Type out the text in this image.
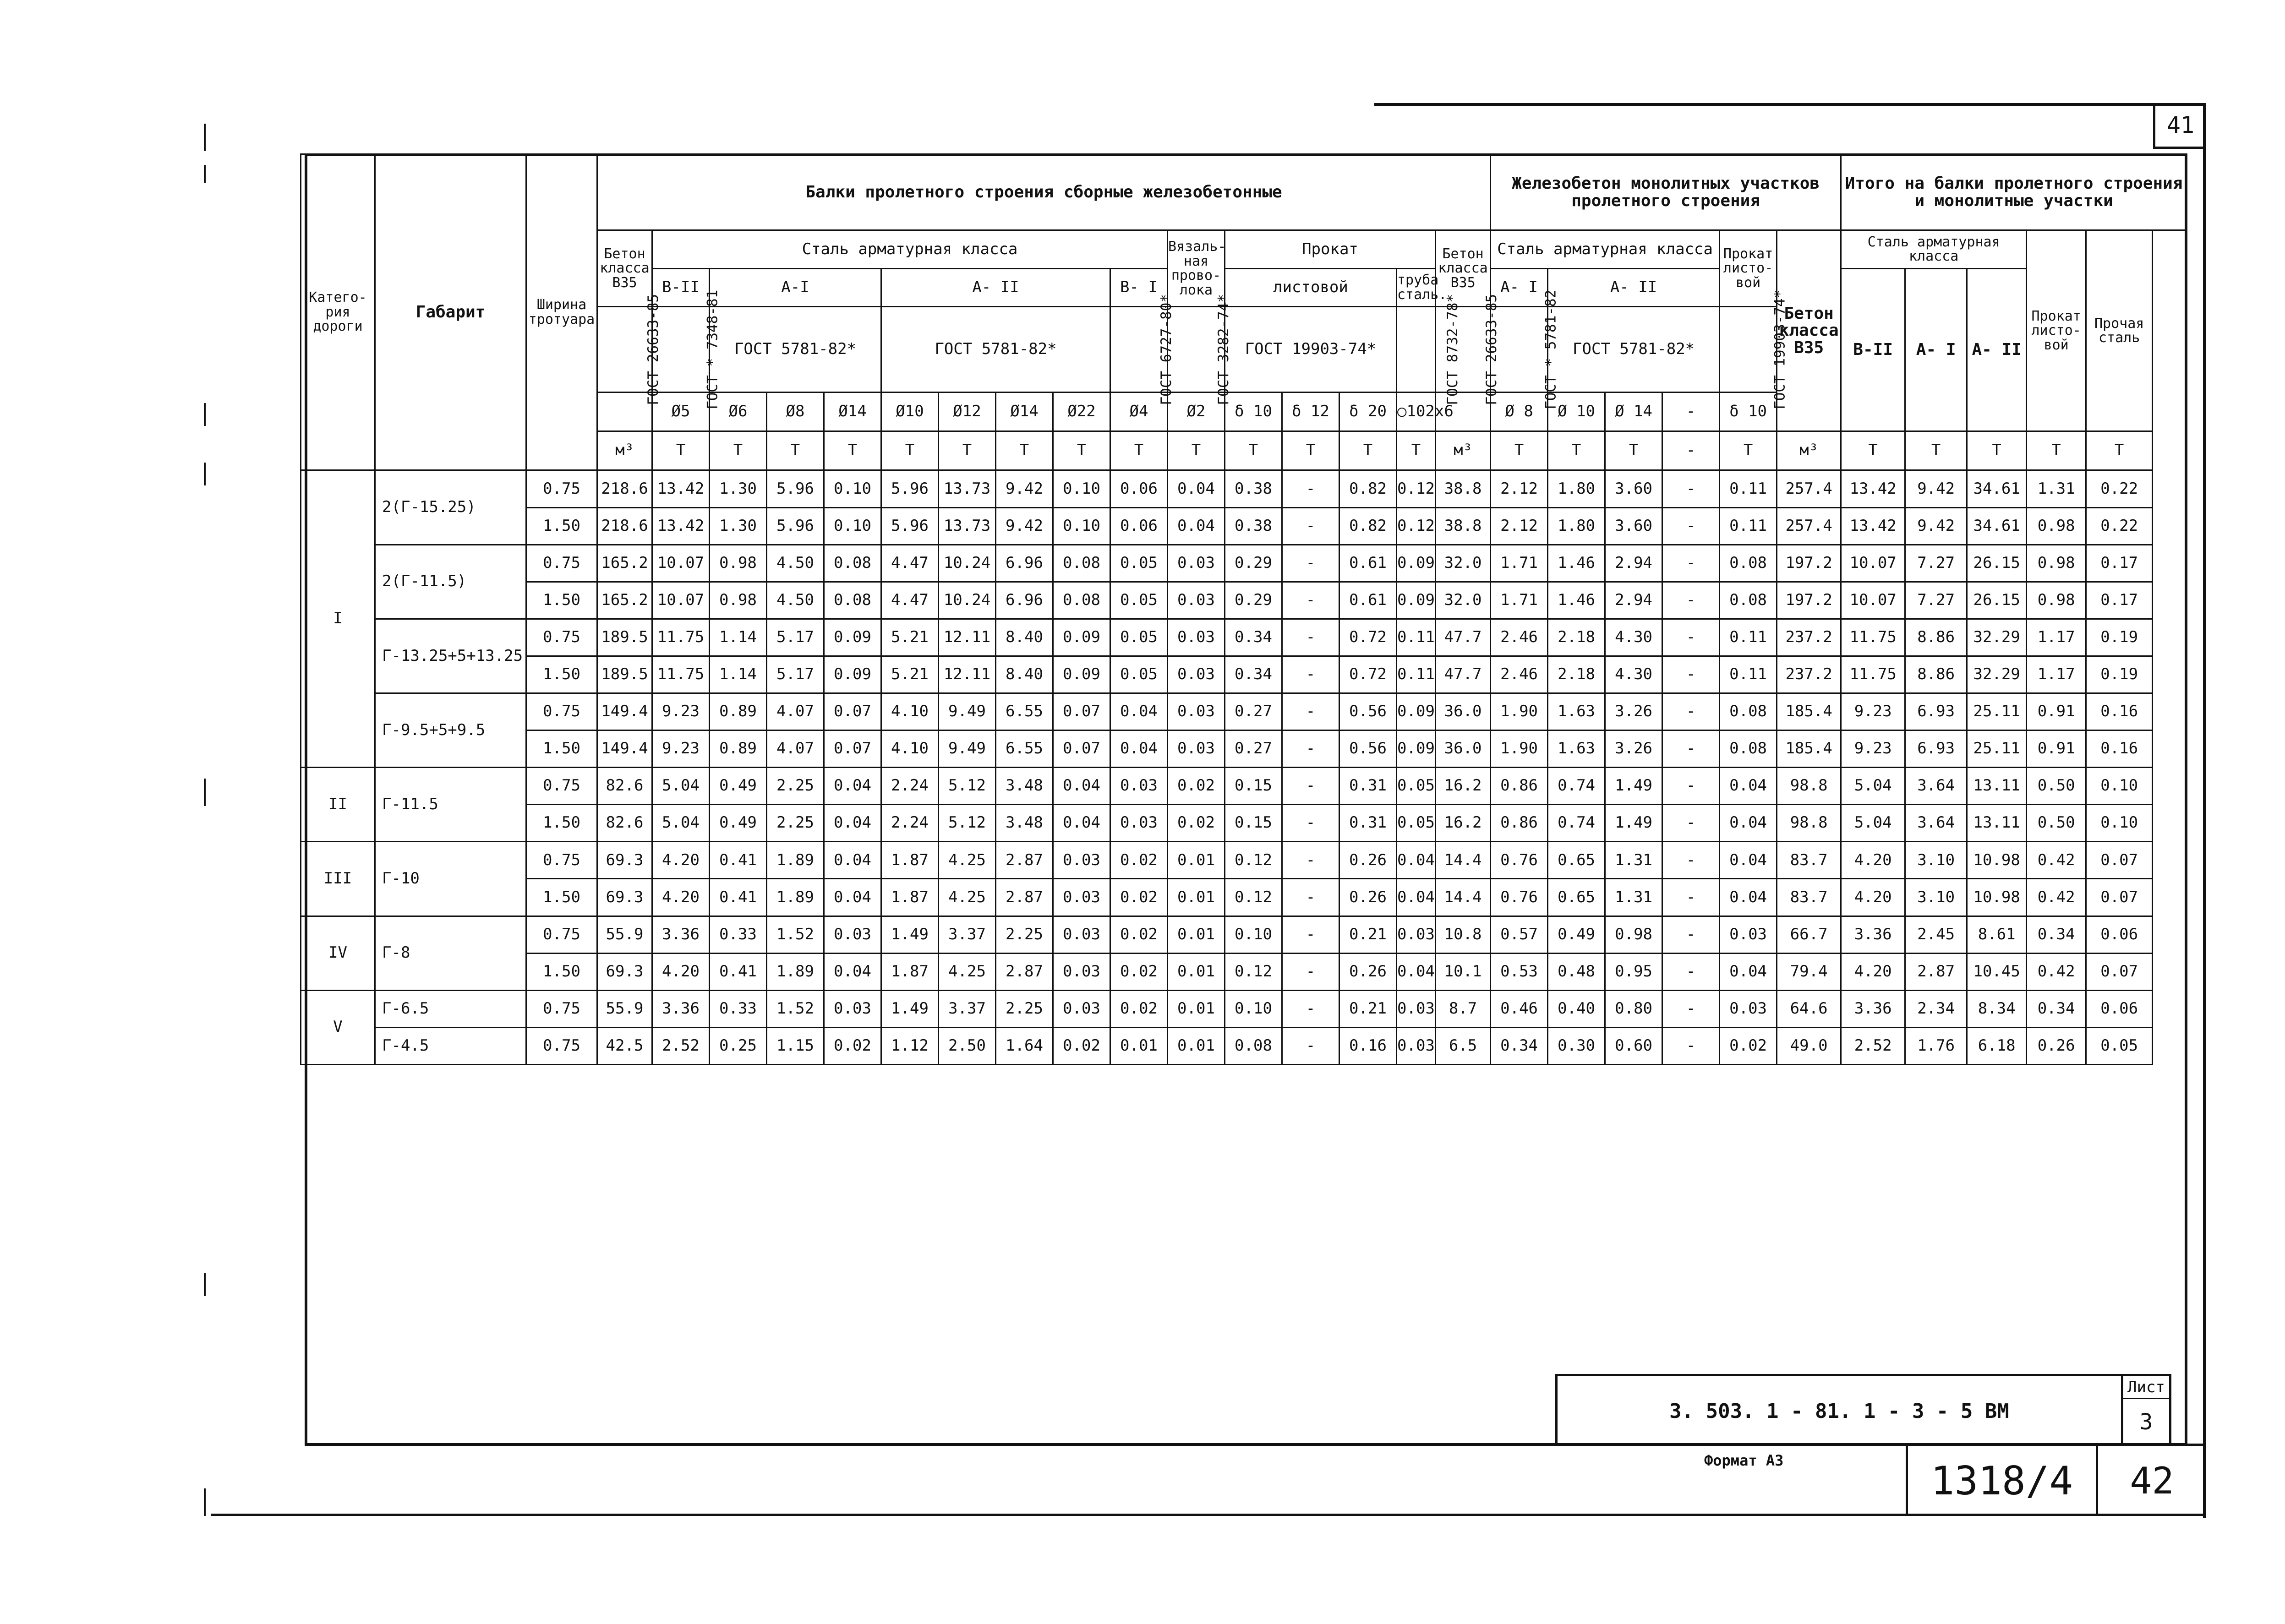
41
Катего-рия дороги	Габарит	Ширина тротуара	Балки пролетного строения сборные железобетонные																Железобетон монолитных участков пролетного строения						Итого на балки пролетного строения и монолитные участки				
			Бетон класса В35	Сталь арматурная класса									Вязаль-ная прово-лока	Прокат				Бетон класса В35	Сталь арматурная класса				Прокат листо-вой	Бетон класса В35	Сталь арматурная класса			Прокат листо-вой	Прочая сталь
				В-II	А-I			А- II				В- I		листовой			труба сталь.		А- I	А- II					В-II	А- I	А- II		
			ГОСТ 26633-85	ГОСТ * 7348-81	ГОСТ 5781-82*			ГОСТ 5781-82*				ГОСТ 6727-80*	ГОСТ 3282-74*	ГОСТ 19903-74*			ГОСТ 8732-78*	ГОСТ 26633-85	ГОСТ * 5781-82	ГОСТ 5781-82*			ГОСТ 19903-74*						
				Ø5	Ø6	Ø8	Ø14	Ø10	Ø12	Ø14	Ø22	Ø4	Ø2	δ 10	δ 12	δ 20	○102x6		Ø 8	Ø 10	Ø 14	-	δ 10						
			м³	Т	Т	Т	Т	Т	Т	Т	Т	Т	Т	Т	Т	Т	Т	м³	Т	Т	Т	-	Т	м³	Т	Т	Т	Т	Т
I	2(Г-15.25)	0.75	218.6	13.42	1.30	5.96	0.10	5.96	13.73	9.42	0.10	0.06	0.04	0.38	-	0.82	0.12	38.8	2.12	1.80	3.60	-	0.11	257.4	13.42	9.42	34.61	1.31	0.22
		1.50	218.6	13.42	1.30	5.96	0.10	5.96	13.73	9.42	0.10	0.06	0.04	0.38	-	0.82	0.12	38.8	2.12	1.80	3.60	-	0.11	257.4	13.42	9.42	34.61	0.98	0.22
	2(Г-11.5)	0.75	165.2	10.07	0.98	4.50	0.08	4.47	10.24	6.96	0.08	0.05	0.03	0.29	-	0.61	0.09	32.0	1.71	1.46	2.94	-	0.08	197.2	10.07	7.27	26.15	0.98	0.17
		1.50	165.2	10.07	0.98	4.50	0.08	4.47	10.24	6.96	0.08	0.05	0.03	0.29	-	0.61	0.09	32.0	1.71	1.46	2.94	-	0.08	197.2	10.07	7.27	26.15	0.98	0.17
	Г-13.25+5+13.25	0.75	189.5	11.75	1.14	5.17	0.09	5.21	12.11	8.40	0.09	0.05	0.03	0.34	-	0.72	0.11	47.7	2.46	2.18	4.30	-	0.11	237.2	11.75	8.86	32.29	1.17	0.19
		1.50	189.5	11.75	1.14	5.17	0.09	5.21	12.11	8.40	0.09	0.05	0.03	0.34	-	0.72	0.11	47.7	2.46	2.18	4.30	-	0.11	237.2	11.75	8.86	32.29	1.17	0.19
	Г-9.5+5+9.5	0.75	149.4	9.23	0.89	4.07	0.07	4.10	9.49	6.55	0.07	0.04	0.03	0.27	-	0.56	0.09	36.0	1.90	1.63	3.26	-	0.08	185.4	9.23	6.93	25.11	0.91	0.16
		1.50	149.4	9.23	0.89	4.07	0.07	4.10	9.49	6.55	0.07	0.04	0.03	0.27	-	0.56	0.09	36.0	1.90	1.63	3.26	-	0.08	185.4	9.23	6.93	25.11	0.91	0.16
II	Г-11.5	0.75	82.6	5.04	0.49	2.25	0.04	2.24	5.12	3.48	0.04	0.03	0.02	0.15	-	0.31	0.05	16.2	0.86	0.74	1.49	-	0.04	98.8	5.04	3.64	13.11	0.50	0.10
		1.50	82.6	5.04	0.49	2.25	0.04	2.24	5.12	3.48	0.04	0.03	0.02	0.15	-	0.31	0.05	16.2	0.86	0.74	1.49	-	0.04	98.8	5.04	3.64	13.11	0.50	0.10
III	Г-10	0.75	69.3	4.20	0.41	1.89	0.04	1.87	4.25	2.87	0.03	0.02	0.01	0.12	-	0.26	0.04	14.4	0.76	0.65	1.31	-	0.04	83.7	4.20	3.10	10.98	0.42	0.07
		1.50	69.3	4.20	0.41	1.89	0.04	1.87	4.25	2.87	0.03	0.02	0.01	0.12	-	0.26	0.04	14.4	0.76	0.65	1.31	-	0.04	83.7	4.20	3.10	10.98	0.42	0.07
IV	Г-8	0.75	55.9	3.36	0.33	1.52	0.03	1.49	3.37	2.25	0.03	0.02	0.01	0.10	-	0.21	0.03	10.8	0.57	0.49	0.98	-	0.03	66.7	3.36	2.45	8.61	0.34	0.06
		1.50	69.3	4.20	0.41	1.89	0.04	1.87	4.25	2.87	0.03	0.02	0.01	0.12	-	0.26	0.04	10.1	0.53	0.48	0.95	-	0.04	79.4	4.20	2.87	10.45	0.42	0.07
V	Г-6.5	0.75	55.9	3.36	0.33	1.52	0.03	1.49	3.37	2.25	0.03	0.02	0.01	0.10	-	0.21	0.03	8.7	0.46	0.40	0.80	-	0.03	64.6	3.36	2.34	8.34	0.34	0.06
	Г-4.5	0.75	42.5	2.52	0.25	1.15	0.02	1.12	2.50	1.64	0.02	0.01	0.01	0.08	-	0.16	0.03	6.5	0.34	0.30	0.60	-	0.02	49.0	2.52	1.76	6.18	0.26	0.05

3. 503. 1 - 81. 1 - 3 - 5 ВМ
Лист
3
Формат А3	1318/4 42
